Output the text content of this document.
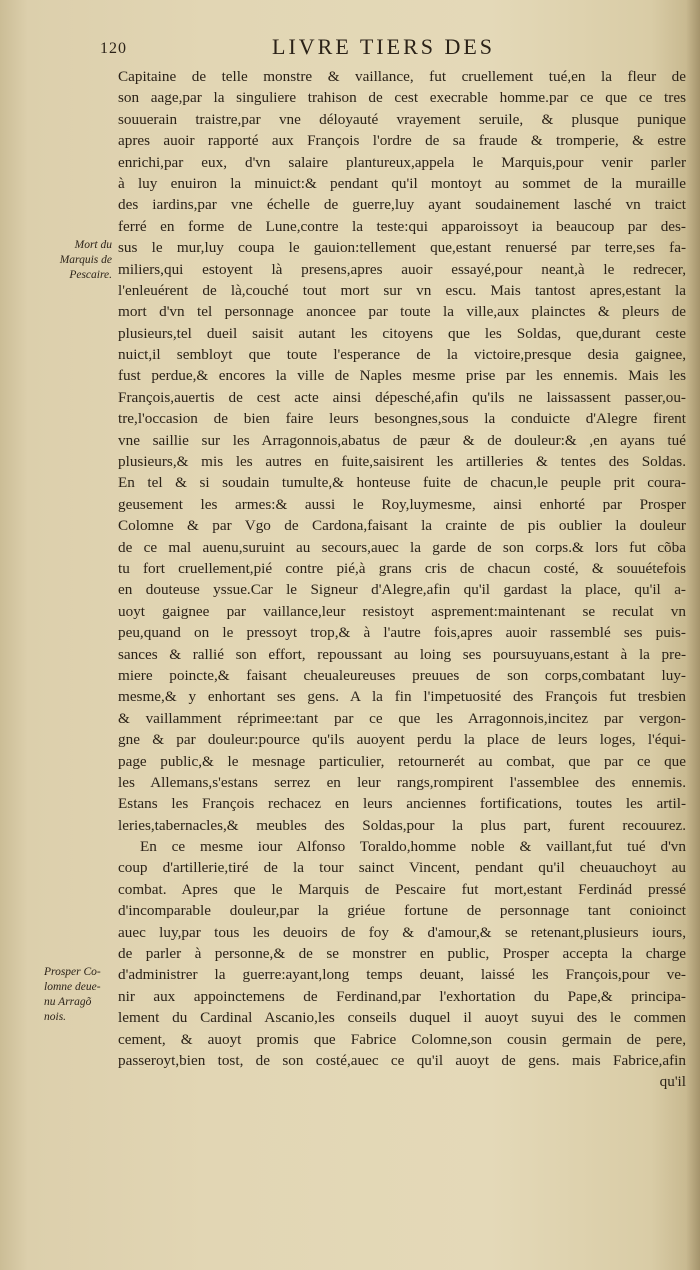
120	LIVRE TIERS DES
Mort du
Marquis de
Pescaire.
Prosper Co-
lomne deue-
nu Arragõ
nois.
Capitaine de telle monstre & vaillance, fut cruellement tué,en la fleur de
son aage,par la singuliere trahison de cest execrable homme.par ce que ce tres
souuerain traistre,par vne déloyauté vrayement seruile, & plusque punique
apres auoir rapporté aux François l'ordre de sa fraude & tromperie, & estre
enrichi,par eux, d'vn salaire plantureux,appela le Marquis,pour venir parler
à luy enuiron la minuict:& pendant qu'il montoyt au sommet de la muraille
des iardins,par vne échelle de guerre,luy ayant soudainement lasché vn traict
ferré en forme de Lune,contre la teste:qui apparoissoyt ia beaucoup par des-
sus le mur,luy coupa le gauion:tellement que,estant renuersé par terre,ses fa-
miliers,qui estoyent là presens,apres auoir essayé,pour neant,à le redrecer,
l'enleuérent de là,couché tout mort sur vn escu. Mais tantost apres,estant la
mort d'vn tel personnage anoncee par toute la ville,aux plainctes & pleurs de
plusieurs,tel dueil saisit autant les citoyens que les Soldas, que,durant ceste
nuict,il sembloyt que toute l'esperance de la victoire,presque desia gaignee,
fust perdue,& encores la ville de Naples mesme prise par les ennemis. Mais les
François,auertis de cest acte ainsi dépesché,afin qu'ils ne laissassent passer,ou-
tre,l'occasion de bien faire leurs besongnes,sous la conduicte d'Alegre firent
vne saillie sur les Arragonnois,abatus de pæur & de douleur:& ,en ayans tué
plusieurs,& mis les autres en fuite,saisirent les artilleries & tentes des Soldas.
En tel & si soudain tumulte,& honteuse fuite de chacun,le peuple prit coura-
geusement les armes:& aussi le Roy,luymesme, ainsi enhorté par Prosper
Colomne & par Vgo de Cardona,faisant la crainte de pis oublier la douleur
de ce mal auenu,suruint au secours,auec la garde de son corps.& lors fut cõba
tu fort cruellement,pié contre pié,à grans cris de chacun costé, & souuétefois
en douteuse yssue.Car le Signeur d'Alegre,afin qu'il gardast la place, qu'il a-
uoyt gaignee par vaillance,leur resistoyt asprement:maintenant se reculat vn
peu,quand on le pressoyt trop,& à l'autre fois,apres auoir rassemblé ses puis-
sances & rallié son effort, repoussant au loing ses poursuyuans,estant à la pre-
miere poincte,& faisant cheualeureuses preuues de son corps,combatant luy-
mesme,& y enhortant ses gens. A la fin l'impetuosité des François fut tresbien
& vaillamment réprimee:tant par ce que les Arragonnois,incitez par vergon-
gne & par douleur:pource qu'ils auoyent perdu la place de leurs loges, l'équi-
page public,& le mesnage particulier, retournerét au combat, que par ce que
les Allemans,s'estans serrez en leur rangs,rompirent l'assemblee des ennemis.
Estans les François rechacez en leurs anciennes fortifications, toutes les artil-
leries,tabernacles,& meubles des Soldas,pour la plus part, furent recouurez.
En ce mesme iour Alfonso Toraldo,homme noble & vaillant,fut tué d'vn
coup d'artillerie,tiré de la tour sainct Vincent, pendant qu'il cheuauchoyt au
combat. Apres que le Marquis de Pescaire fut mort,estant Ferdinád pressé
d'incomparable douleur,par la griéue fortune de personnage tant conioinct
auec luy,par tous les deuoirs de foy & d'amour,& se retenant,plusieurs iours,
de parler à personne,& de se monstrer en public, Prosper accepta la charge
d'administrer la guerre:ayant,long temps deuant, laissé les François,pour ve-
nir aux appoinctemens de Ferdinand,par l'exhortation du Pape,& principa-
lement du Cardinal Ascanio,les conseils duquel il auoyt suyui des le commen
cement, & auoyt promis que Fabrice Colomne,son cousin germain de pere,
passeroyt,bien tost, de son costé,auec ce qu'il auoyt de gens. mais Fabrice,afin
qu'il
